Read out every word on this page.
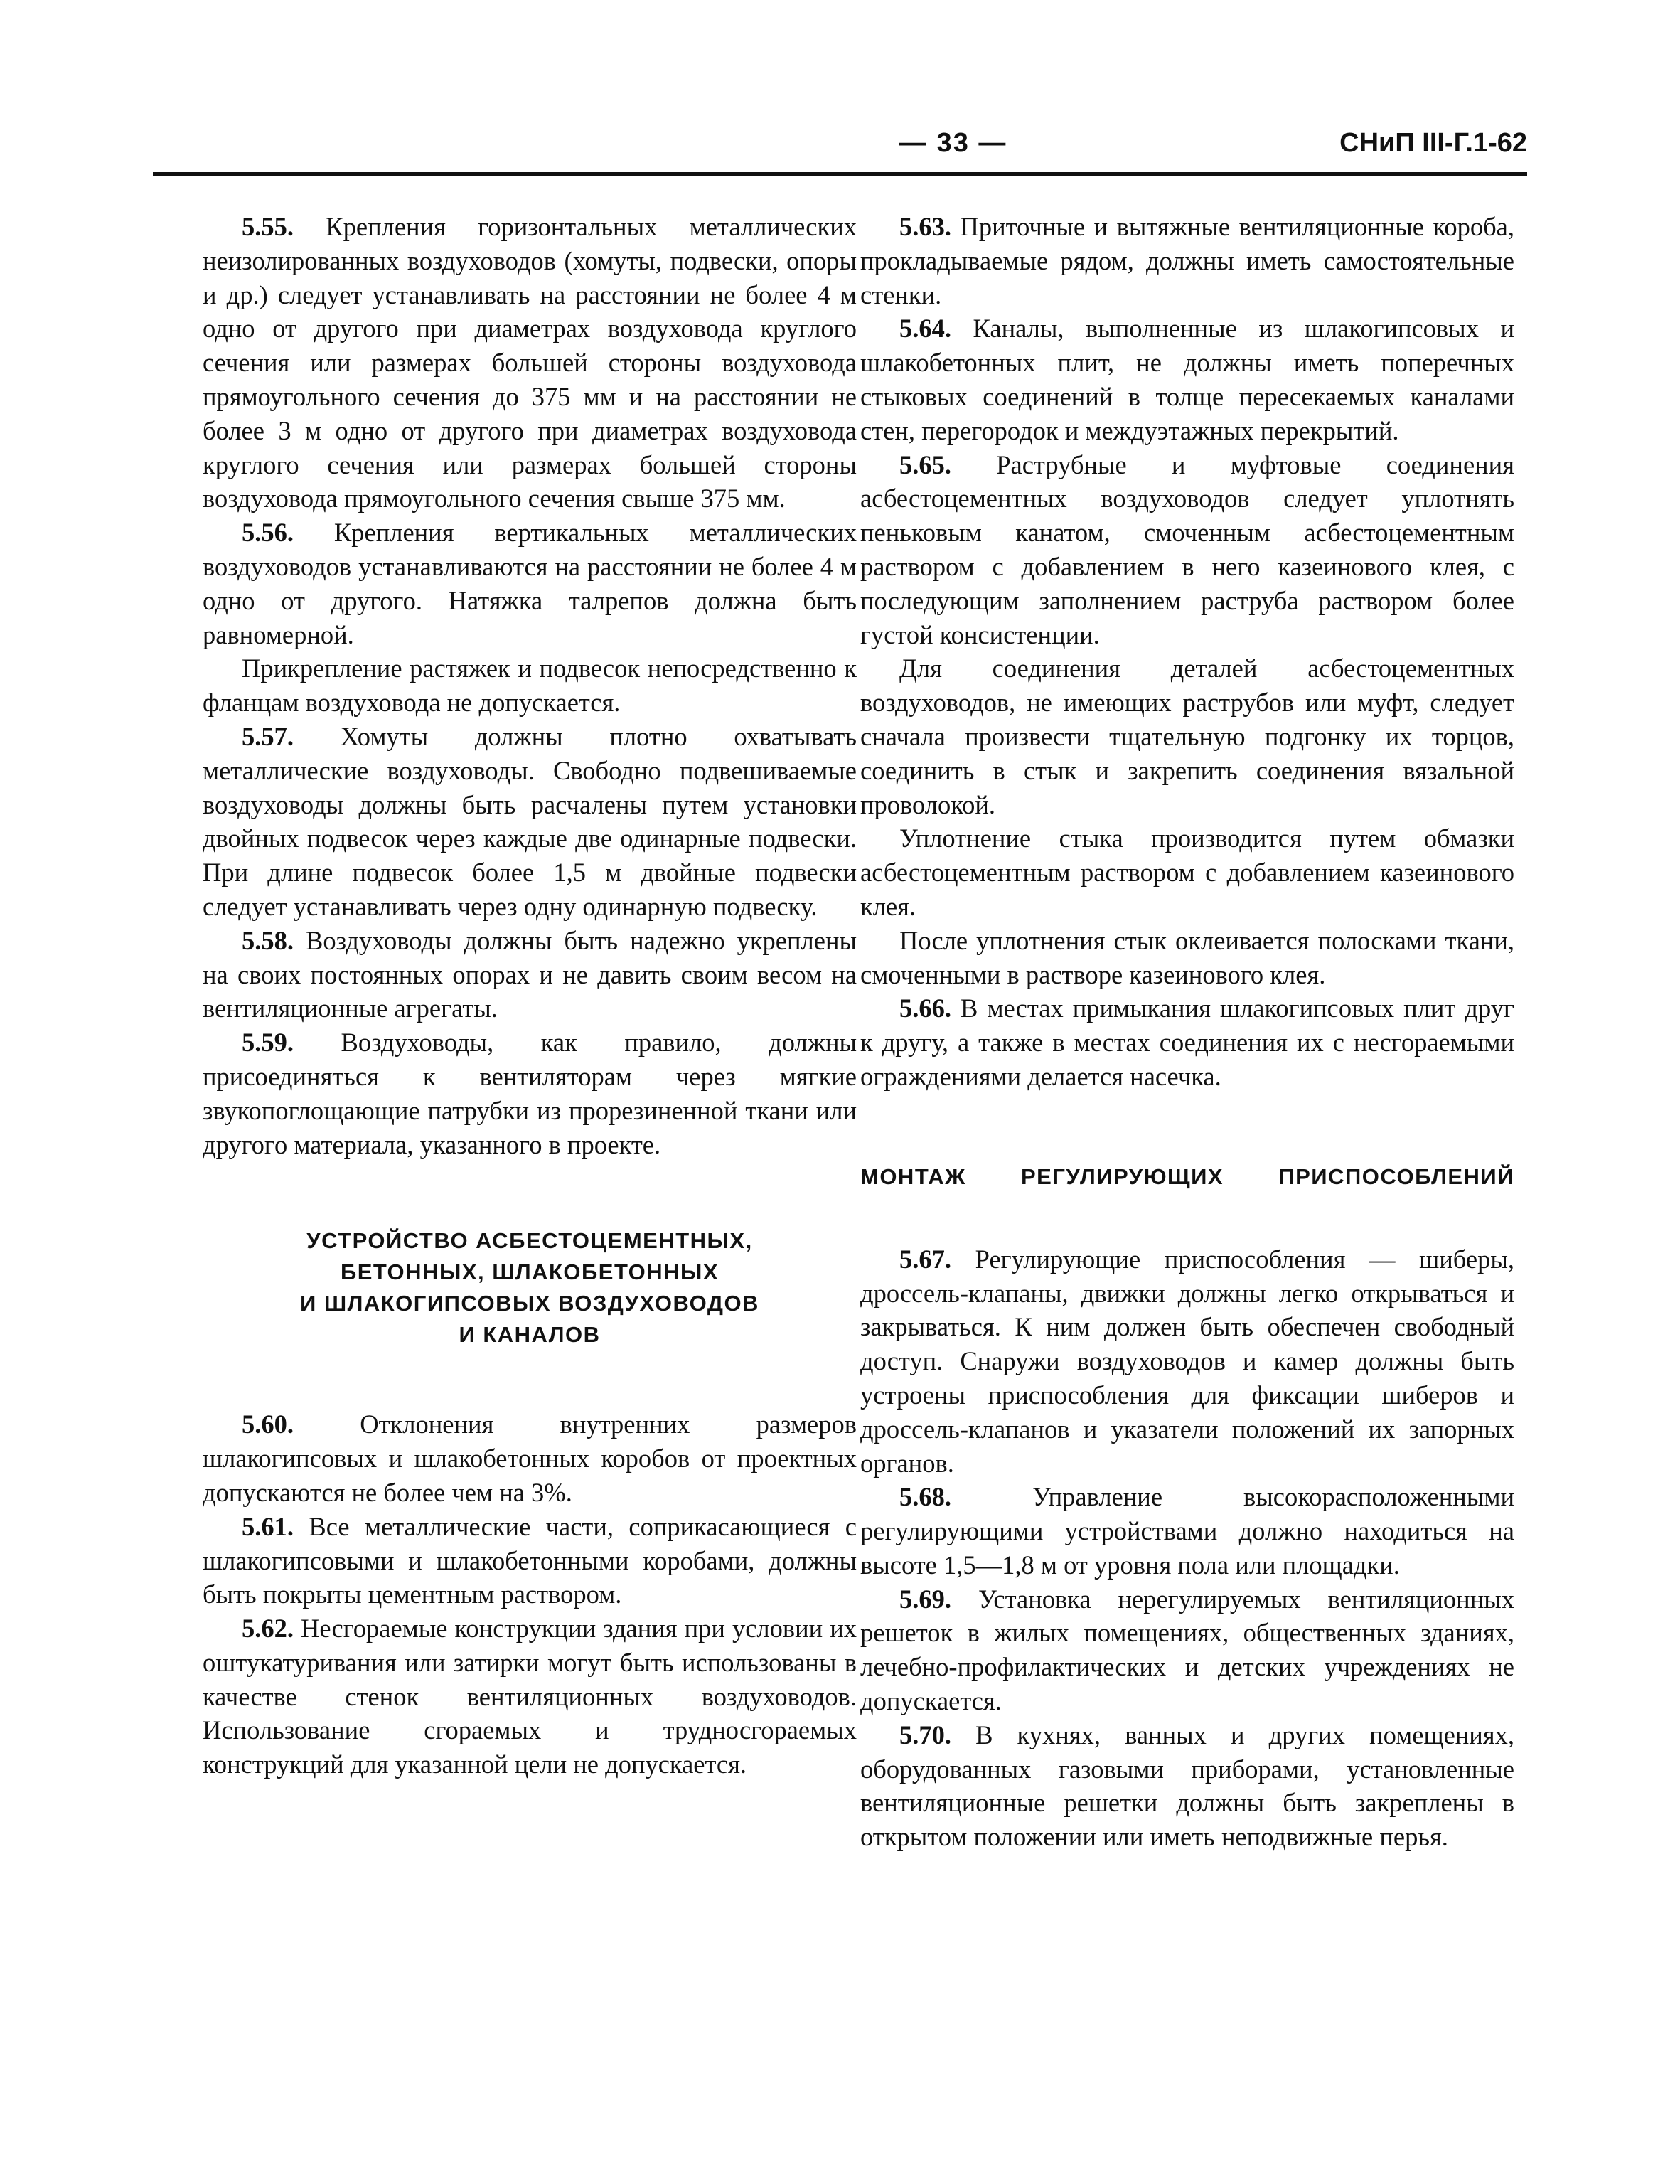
— 33 —	СНиП III-Г.1-62

5.55. Крепления горизонтальных металлических неизолированных воздуховодов (хомуты, подвески, опоры и др.) следует устанавливать на расстоянии не более 4 м одно от другого при диаметрах воздуховода круглого сечения или размерах большей стороны воздуховода прямоугольного сечения до 375 мм и на расстоянии не более 3 м одно от другого при диаметрах воздуховода круглого сечения или размерах большей стороны воздуховода прямоугольного сечения свыше 375 мм.

5.56. Крепления вертикальных металлических воздуховодов устанавливаются на расстоянии не более 4 м одно от другого. Натяжка талрепов должна быть равномерной.

Прикрепление растяжек и подвесок непосредственно к фланцам воздуховода не допускается.

5.57. Хомуты должны плотно охватывать металлические воздуховоды. Свободно подвешиваемые воздуховоды должны быть расчалены путем установки двойных подвесок через каждые две одинарные подвески. При длине подвесок более 1,5 м двойные подвески следует устанавливать через одну одинарную подвеску.

5.58. Воздуховоды должны быть надежно укреплены на своих постоянных опорах и не давить своим весом на вентиляционные агрегаты.

5.59. Воздуховоды, как правило, должны присоединяться к вентиляторам через мягкие звукопоглощающие патрубки из прорезиненной ткани или другого материала, указанного в проекте.

УСТРОЙСТВО АСБЕСТОЦЕМЕНТНЫХ,
БЕТОННЫХ, ШЛАКОБЕТОННЫХ
И ШЛАКОГИПСОВЫХ ВОЗДУХОВОДОВ
И КАНАЛОВ

5.60.	Отклонения внутренних размеров шлакогипсовых и шлакобетонных коробов от проектных допускаются не более чем на 3%.

5.61. Все металлические части, соприкасающиеся с шлакогипсовыми и шлакобетонными коробами, должны быть покрыты цементным раствором.

5.62. Несгораемые конструкции здания при условии их оштукатуривания или затирки могут быть использованы в качестве стенок вентиляционных воздуховодов. Использование сгораемых и трудносгораемых конструкций для указанной цели не допускается.

5.63. Приточные и вытяжные вентиляционные короба, прокладываемые рядом, должны иметь самостоятельные стенки.

5.64. Каналы, выполненные из шлакогипсовых и шлакобетонных плит, не должны иметь поперечных стыковых соединений в толще пересекаемых каналами стен, перегородок и междуэтажных перекрытий.

5.65. Раструбные и муфтовые соединения асбестоцементных воздуховодов следует уплотнять пеньковым канатом, смоченным асбестоцементным раствором с добавлением в него казеинового клея, с последующим заполнением раструба раствором более густой консистенции.

Для соединения деталей асбестоцементных воздуховодов, не имеющих раструбов или муфт, следует сначала произвести тщательную подгонку их торцов, соединить в стык и закрепить соединения вязальной проволокой.

Уплотнение стыка производится путем обмазки асбестоцементным раствором с добавлением казеинового клея.

После уплотнения стык оклеивается полосками ткани, смоченными в растворе казеинового клея.

5.66. В местах примыкания шлакогипсовых плит друг к другу, а также в местах соединения их с несгораемыми ограждениями делается насечка.

МОНТАЖ РЕГУЛИРУЮЩИХ ПРИСПОСОБЛЕНИЙ

5.67. Регулирующие приспособления — шиберы, дроссель-клапаны, движки должны легко открываться и закрываться. К ним должен быть обеспечен свободный доступ. Снаружи воздуховодов и камер должны быть устроены приспособления для фиксации шиберов и дроссель-клапанов и указатели положений их запорных органов.

5.68.	Управление высокорасположенными регулирующими устройствами должно находиться на высоте 1,5—1,8 м от уровня пола или площадки.

5.69. Установка нерегулируемых вентиляционных решеток в жилых помещениях, общественных зданиях, лечебно-профилактических и детских учреждениях не допускается.

5.70. В кухнях, ванных и других помещениях, оборудованных газовыми приборами, установленные вентиляционные решетки должны быть закреплены в открытом положении или иметь неподвижные перья.
